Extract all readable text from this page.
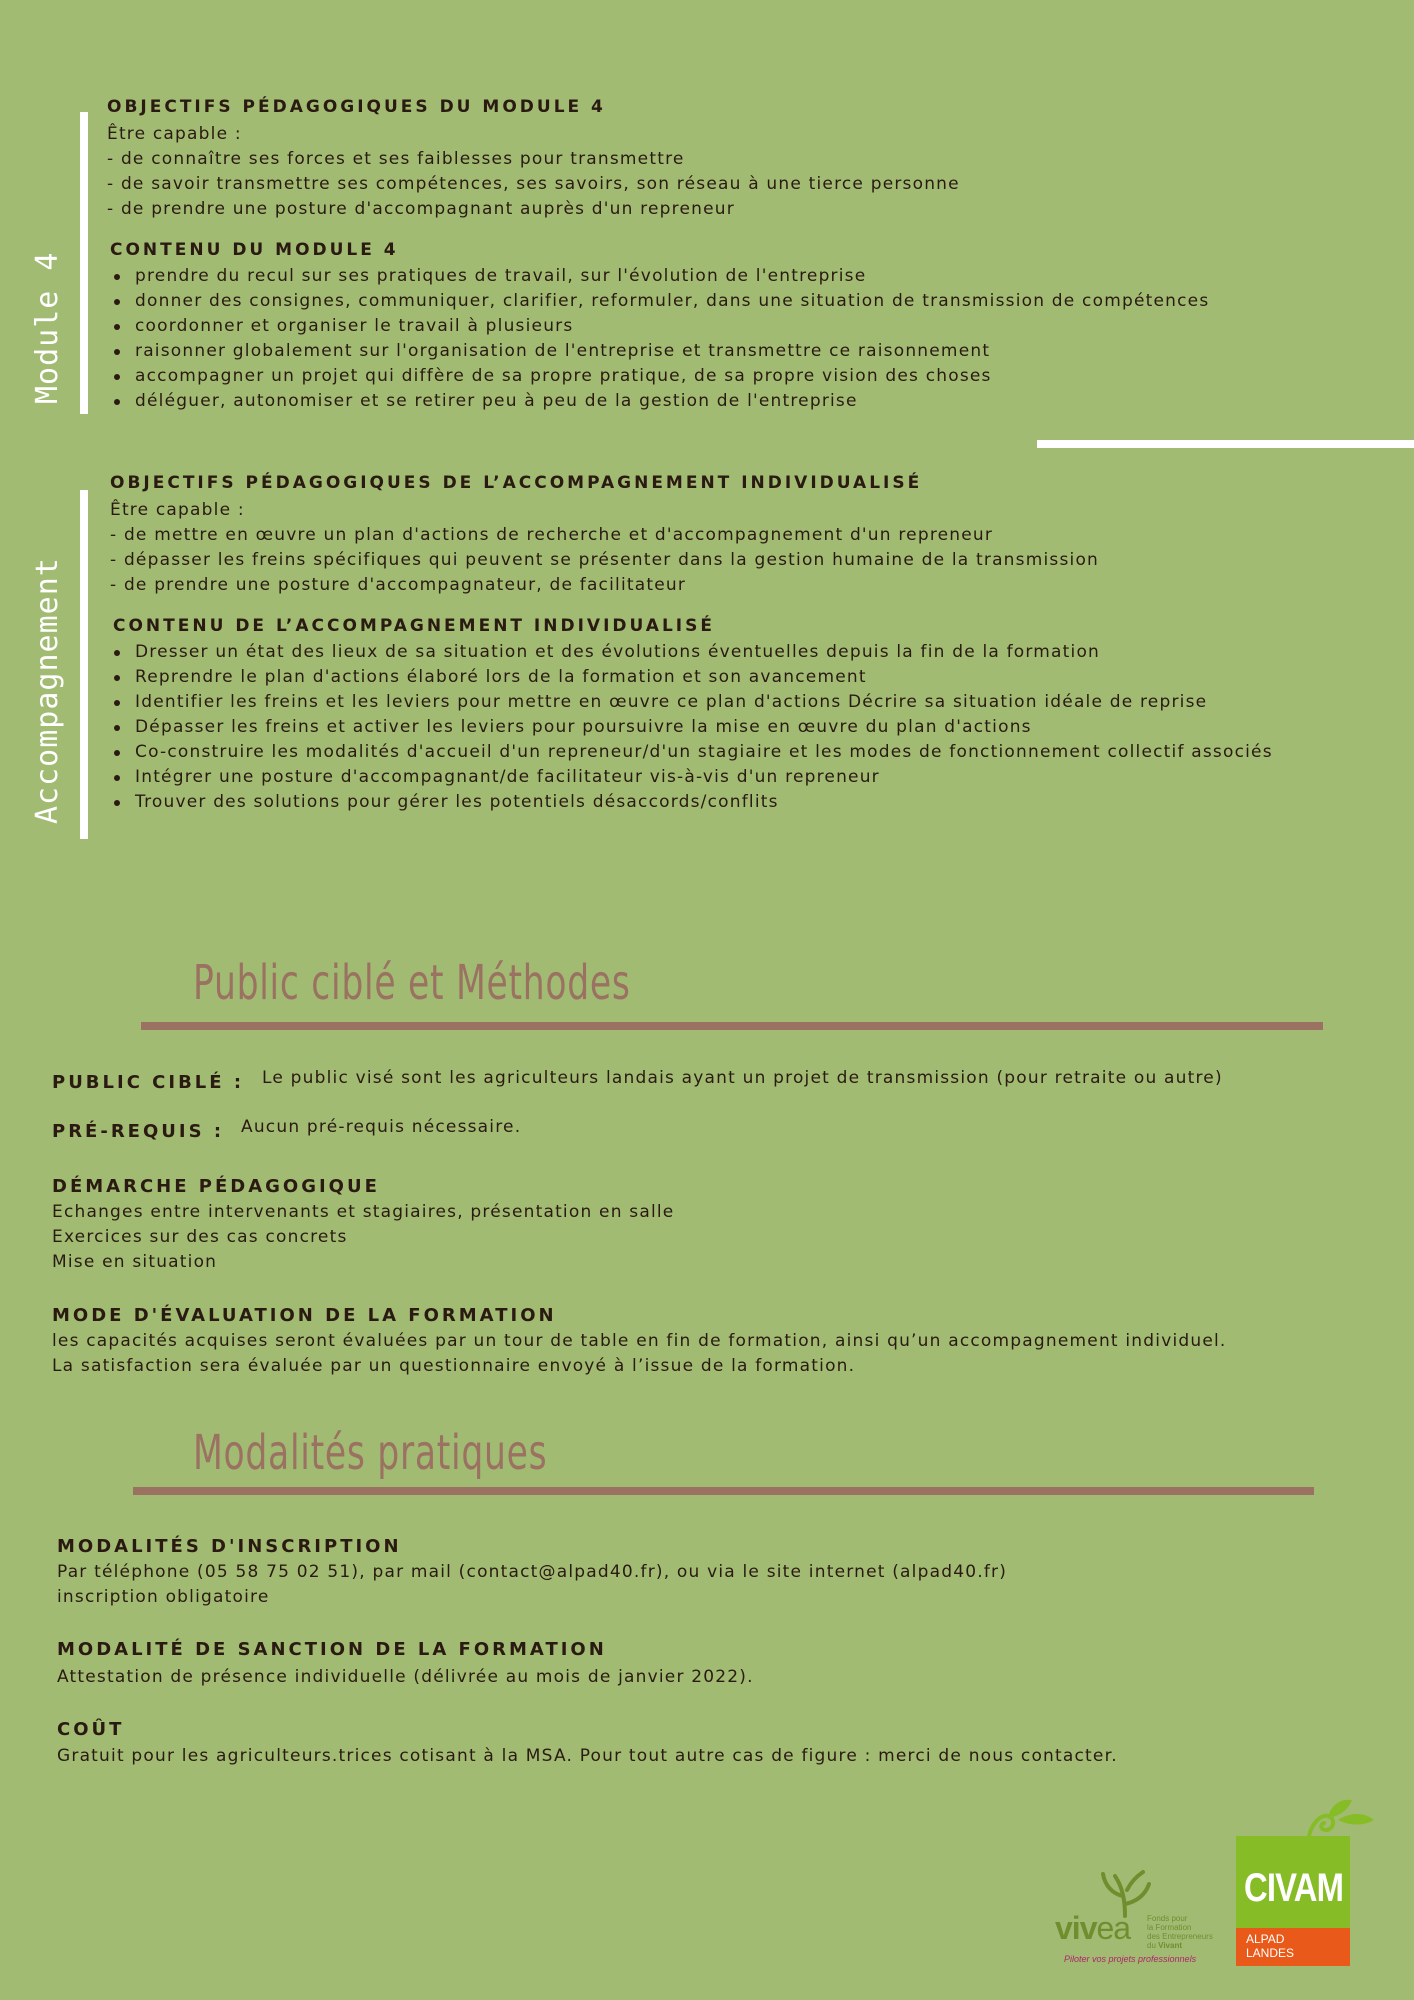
Module 4
OBJECTIFS PÉDAGOGIQUES DU MODULE 4
Être capable :
- de connaître ses forces et ses faiblesses pour transmettre
- de savoir transmettre ses compétences, ses savoirs, son réseau à une tierce personne
- de prendre une posture d'accompagnant auprès d'un repreneur
CONTENU DU MODULE 4
prendre du recul sur ses pratiques de travail, sur l'évolution de l'entreprise
donner des consignes, communiquer, clarifier, reformuler, dans une situation de transmission de compétences
coordonner et organiser le travail à plusieurs
raisonner globalement sur l'organisation de l'entreprise et transmettre ce raisonnement
accompagner un projet qui diffère de sa propre pratique, de sa propre vision des choses
déléguer, autonomiser et se retirer peu à peu de la gestion de l'entreprise
Accompagnement
OBJECTIFS PÉDAGOGIQUES DE L’ACCOMPAGNEMENT INDIVIDUALISÉ
Être capable :
- de mettre en œuvre un plan d'actions de recherche et d'accompagnement d'un repreneur
- dépasser les freins spécifiques qui peuvent se présenter dans la gestion humaine de la transmission
- de prendre une posture d'accompagnateur, de facilitateur
CONTENU DE L’ACCOMPAGNEMENT INDIVIDUALISÉ
Dresser un état des lieux de sa situation et des évolutions éventuelles depuis la fin de la formation
Reprendre le plan d'actions élaboré lors de la formation et son avancement
Identifier les freins et les leviers pour mettre en œuvre ce plan d'actions Décrire sa situation idéale de reprise
Dépasser les freins et activer les leviers pour poursuivre la mise en œuvre du plan d'actions
Co-construire les modalités d'accueil d'un repreneur/d'un stagiaire et les modes de fonctionnement collectif associés
Intégrer une posture d'accompagnant/de facilitateur vis-à-vis d'un repreneur
Trouver des solutions pour gérer les potentiels désaccords/conflits
Public ciblé et Méthodes
PUBLIC CIBLÉ : Le public visé sont les agriculteurs landais ayant un projet de transmission (pour retraite ou autre)
PRÉ-REQUIS : Aucun pré-requis nécessaire.
DÉMARCHE PÉDAGOGIQUE
Echanges entre intervenants et stagiaires, présentation en salle
Exercices sur des cas concrets
Mise en situation
MODE D'ÉVALUATION DE LA FORMATION
les capacités acquises seront évaluées par un tour de table en fin de formation, ainsi qu’un accompagnement individuel.
La satisfaction sera évaluée par un questionnaire envoyé à l’issue de la formation.
Modalités pratiques
MODALITÉS D'INSCRIPTION
Par téléphone (05 58 75 02 51), par mail (contact@alpad40.fr), ou via le site internet (alpad40.fr)
inscription obligatoire
MODALITÉ DE SANCTION DE LA FORMATION
Attestation de présence individuelle (délivrée au mois de janvier 2022).
COÛT
Gratuit pour les agriculteurs.trices cotisant à la MSA. Pour tout autre cas de figure : merci de nous contacter.
vivea Fonds pour
la Formation
des Entrepreneurs
du Vivant
Piloter vos projets professionnels
CIVAM
ALPAD
LANDES
